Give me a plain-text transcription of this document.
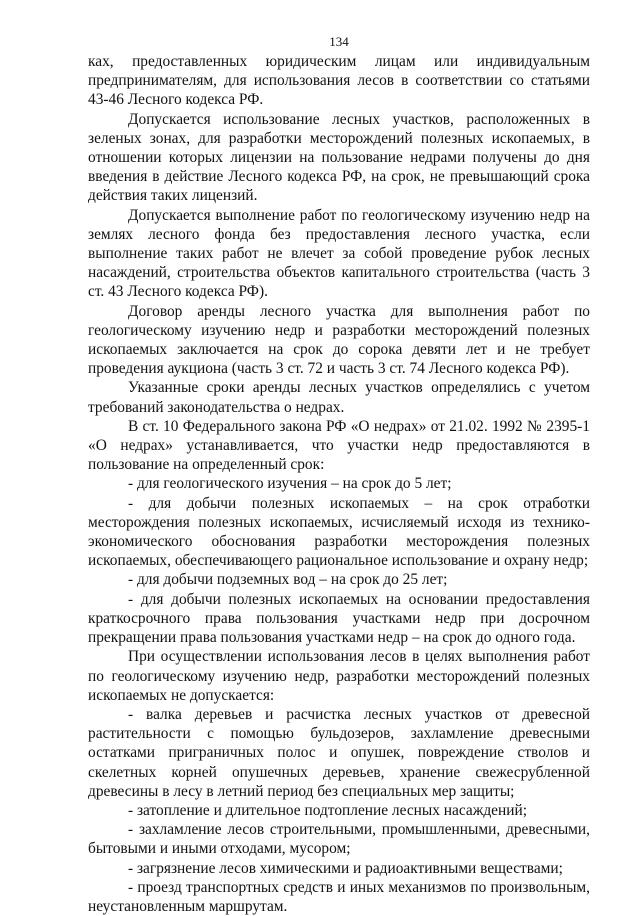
134

ках, предоставленных юридическим лицам или индивидуальным предпринимателям, для использования лесов в соответствии со статьями 43-46 Лесного кодекса РФ.

Допускается использование лесных участков, расположенных в зеленых зонах, для разработки месторождений полезных ископаемых, в отношении которых лицензии на пользование недрами получены до дня введения в действие Лесного кодекса РФ, на срок, не превышающий срока действия таких лицензий.

Допускается выполнение работ по геологическому изучению недр на землях лесного фонда без предоставления лесного участка, если выполнение таких работ не влечет за собой проведение рубок лесных насаждений, строительства объектов капитального строительства (часть 3 ст. 43 Лесного кодекса РФ).

Договор аренды лесного участка для выполнения работ по геологическому изучению недр и разработки месторождений полезных ископаемых заключается на срок до сорока девяти лет и не требует проведения аукциона (часть 3 ст. 72 и часть 3 ст. 74 Лесного кодекса РФ).

Указанные сроки аренды лесных участков определялись с учетом требований законодательства о недрах.

В ст. 10 Федерального закона РФ «О недрах» от 21.02. 1992 № 2395-1 «О недрах» устанавливается, что участки недр предоставляются в пользование на определенный срок:

- для геологического изучения – на срок до 5 лет;

- для добычи полезных ископаемых – на срок отработки месторождения полезных ископаемых, исчисляемый исходя из технико-экономического обоснования разработки месторождения полезных ископаемых, обеспечивающего рациональное использование и охрану недр;

- для добычи подземных вод – на срок до 25 лет;

- для добычи полезных ископаемых на основании предоставления краткосрочного права пользования участками недр при досрочном прекращении права пользования участками недр – на срок до одного года.

При осуществлении использования лесов в целях выполнения работ по геологическому изучению недр, разработки месторождений полезных ископаемых не допускается:

- валка деревьев и расчистка лесных участков от древесной растительности с помощью бульдозеров, захламление древесными остатками приграничных полос и опушек, повреждение стволов и скелетных корней опушечных деревьев, хранение свежесрубленной древесины в лесу в летний период без специальных мер защиты;

- затопление и длительное подтопление лесных насаждений;

- захламление лесов строительными, промышленными, древесными, бытовыми и иными отходами, мусором;

- загрязнение лесов химическими и радиоактивными веществами;

- проезд транспортных средств и иных механизмов по произвольным, неустановленным маршрутам.
